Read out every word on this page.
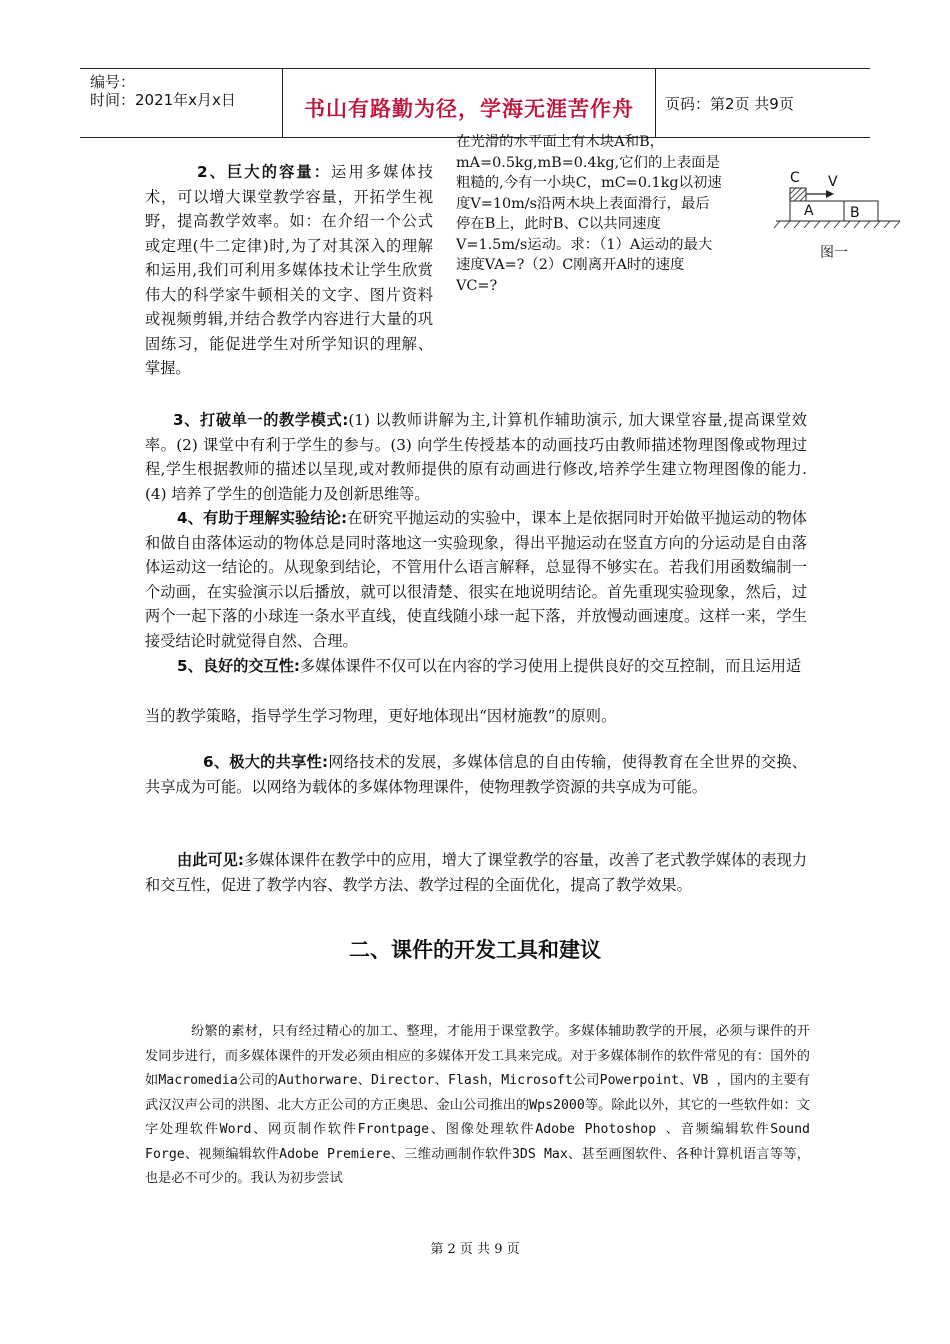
编号：
时间：2021年x月x日	书山有路勤为径，学海无涯苦作舟	页码：第2页 共9页
2、巨大的容量：运用多媒体技术，可以增大课堂教学容量，开拓学生视野，提高教学效率。如：在介绍一个公式或定理(牛二定律)时,为了对其深入的理解和运用,我们可利用多媒体技术让学生欣赏伟大的科学家牛顿相关的文字、图片资料或视频剪辑,并结合教学内容进行大量的巩固练习，能促进学生对所学知识的理解、掌握。
在光滑的水平面上有木块A和B，mA=0.5kg,mB=0.4kg,它们的上表面是粗糙的,今有一小块C，mC=0.1kg以初速度V=10m/s沿两木块上表面滑行，最后停在B上，此时B、C以共同速度V=1.5m/s运动。求：（1）A运动的最大速度VA=?（2）C刚离开A时的速度VC=?
C V
A	B
图一
3、打破单一的教学模式:(1) 以教师讲解为主,计算机作辅助演示, 加大课堂容量,提高课堂效率。(2) 课堂中有利于学生的参与。(3) 向学生传授基本的动画技巧由教师描述物理图像或物理过程,学生根据教师的描述以呈现,或对教师提供的原有动画进行修改,培养学生建立物理图像的能力.(4) 培养了学生的创造能力及创新思维等。
4、有助于理解实验结论:在研究平抛运动的实验中，课本上是依据同时开始做平抛运动的物体和做自由落体运动的物体总是同时落地这一实验现象，得出平抛运动在竖直方向的分运动是自由落体运动这一结论的。从现象到结论，不管用什么语言解释，总显得不够实在。若我们用函数编制一个动画，在实验演示以后播放，就可以很清楚、很实在地说明结论。首先重现实验现象，然后，过两个一起下落的小球连一条水平直线，使直线随小球一起下落，并放慢动画速度。这样一来，学生接受结论时就觉得自然、合理。
5、良好的交互性:多媒体课件不仅可以在内容的学习使用上提供良好的交互控制，而且运用适
当的教学策略，指导学生学习物理，更好地体现出“因材施教”的原则。
6、极大的共享性:网络技术的发展，多媒体信息的自由传输，使得教育在全世界的交换、共享成为可能。以网络为载体的多媒体物理课件，使物理教学资源的共享成为可能。
由此可见:多媒体课件在教学中的应用，增大了课堂教学的容量，改善了老式教学媒体的表现力和交互性，促进了教学内容、教学方法、教学过程的全面优化，提高了教学效果。
二、课件的开发工具和建议
纷繁的素材，只有经过精心的加工、整理，才能用于课堂教学。多媒体辅助教学的开展，必须与课件的开发同步进行，而多媒体课件的开发必须由相应的多媒体开发工具来完成。对于多媒体制作的软件常见的有：国外的如Macromedia公司的Authorware、Director、Flash，Microsoft公司Powerpoint、VB ，国内的主要有武汉汉声公司的洪图、北大方正公司的方正奥思、金山公司推出的Wps2000等。除此以外，其它的一些软件如：文字处理软件Word、网页制作软件Frontpage、图像处理软件Adobe Photoshop 、音频编辑软件Sound Forge、视频编辑软件Adobe Premiere、三维动画制作软件3DS Max、甚至画图软件、各种计算机语言等等，也是必不可少的。我认为初步尝试
第 2 页 共 9 页
